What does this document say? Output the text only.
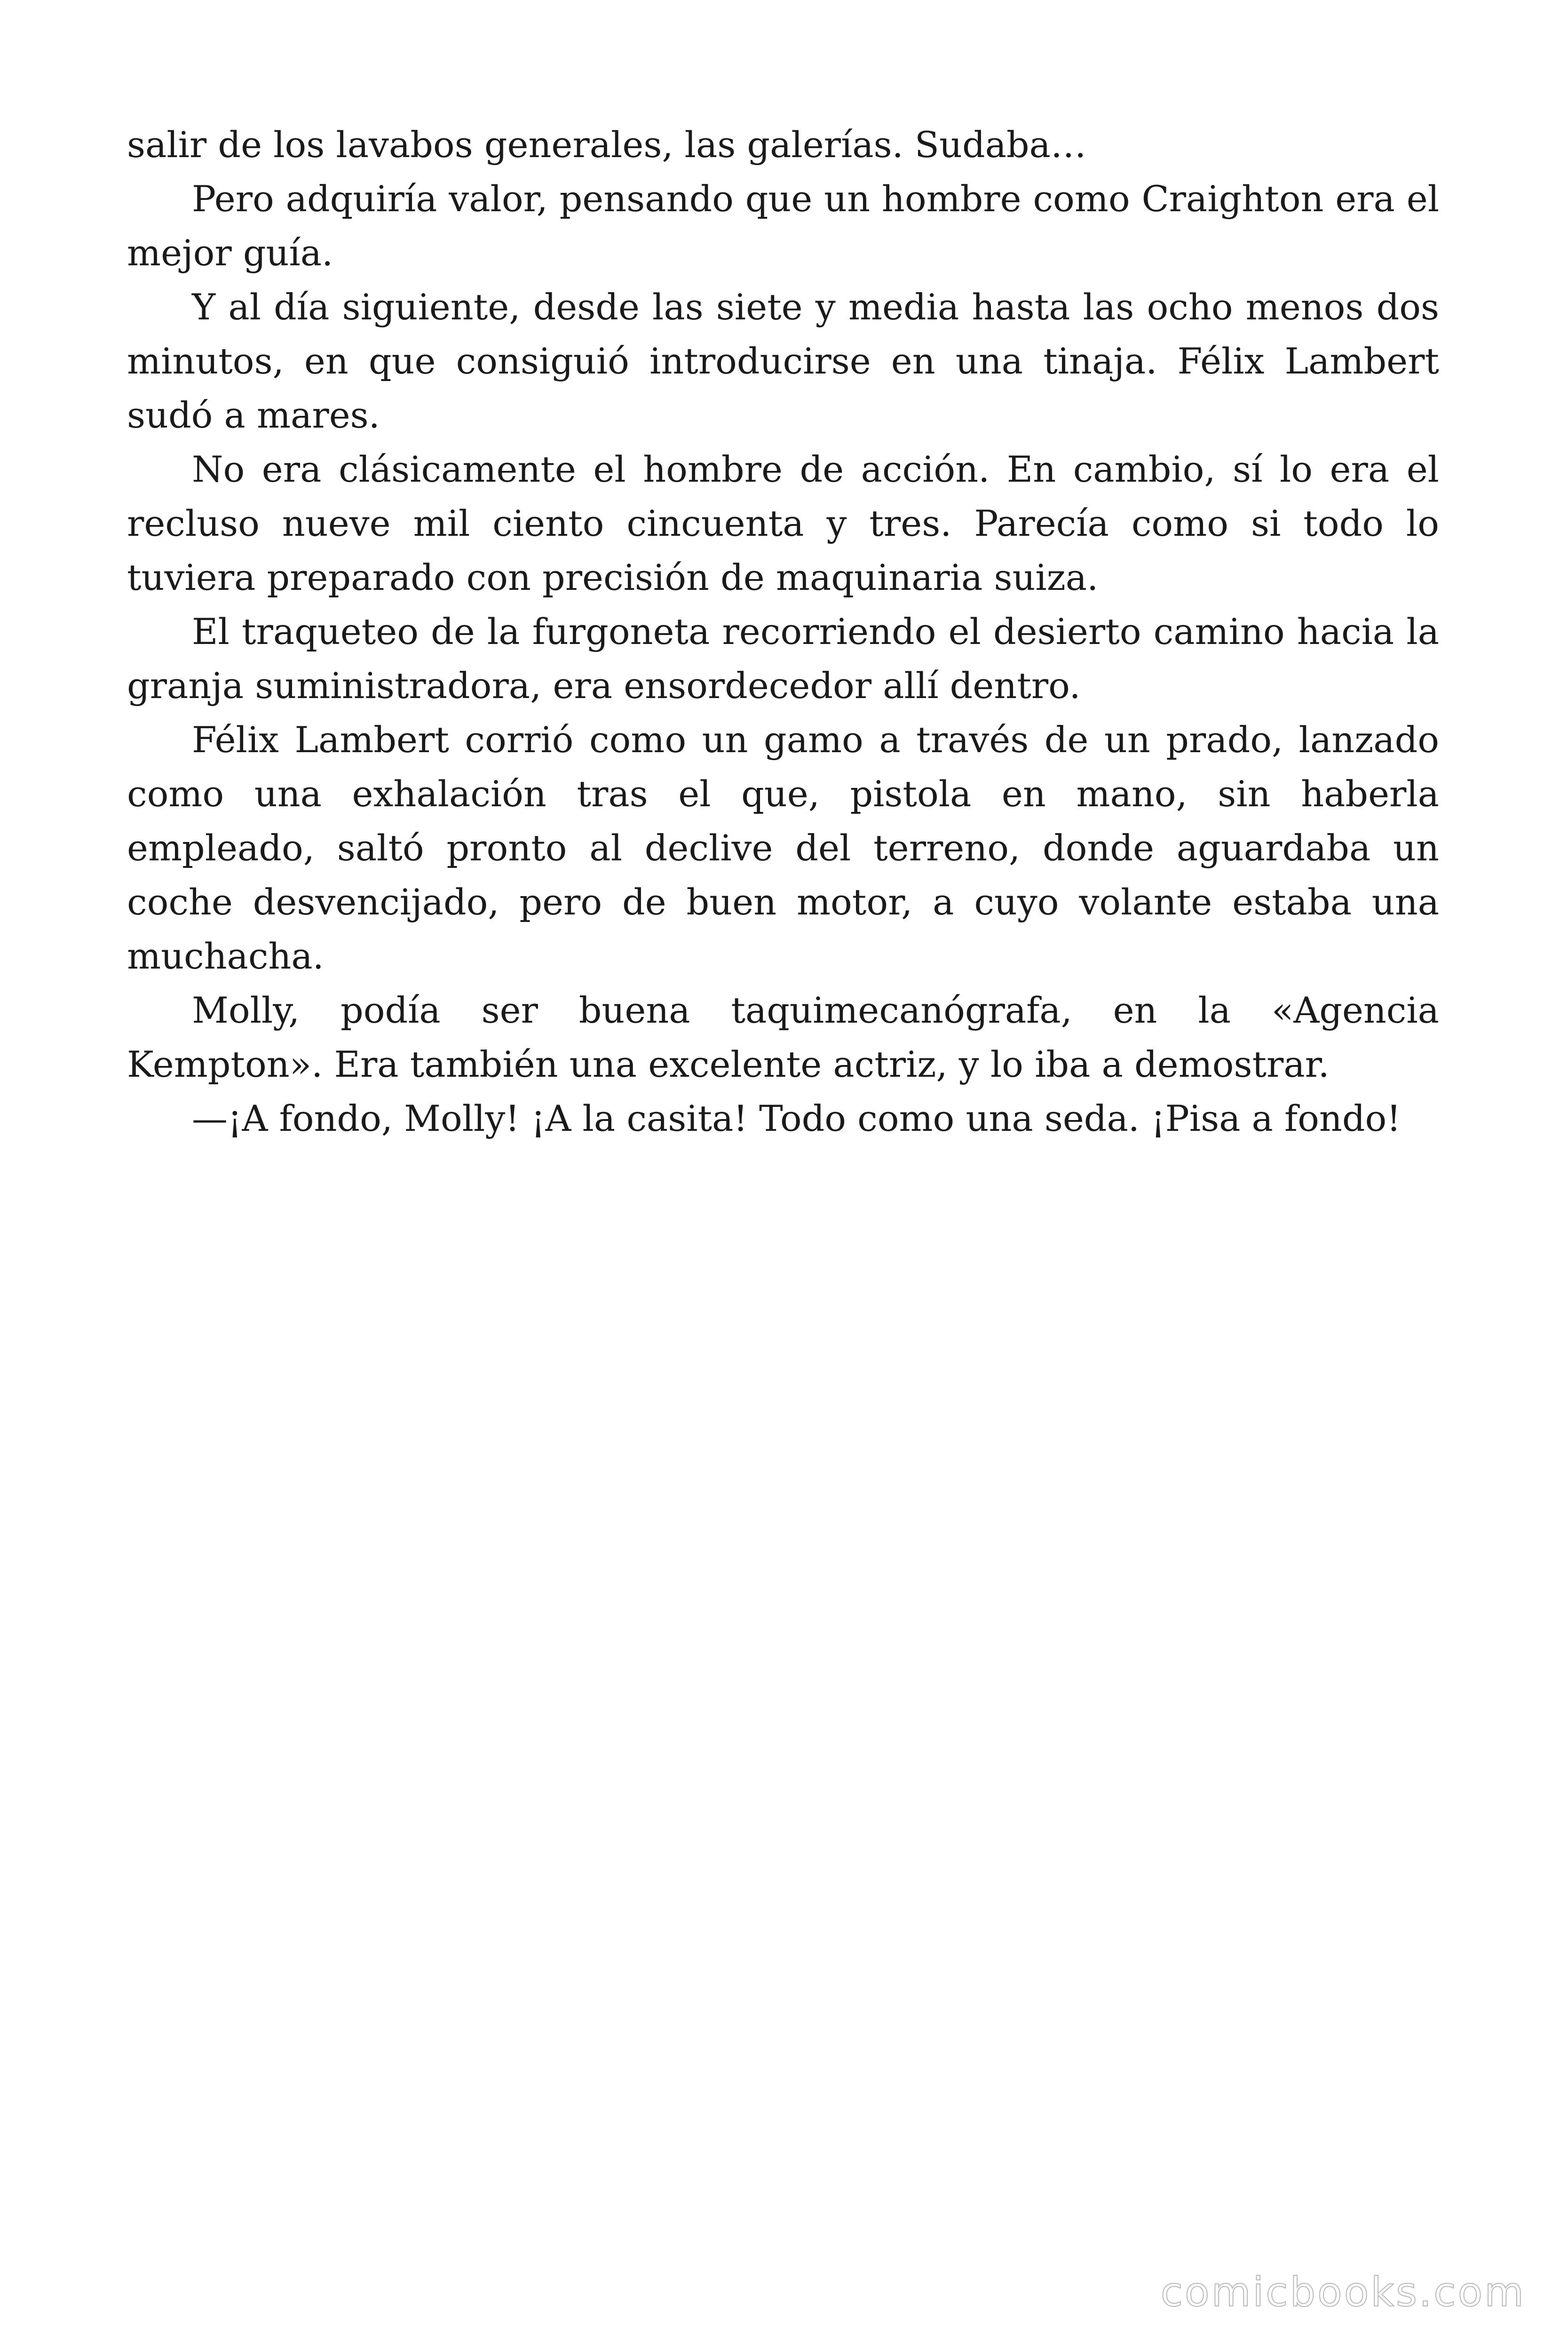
salir de los lavabos generales, las galerías. Sudaba…

Pero adquiría valor, pensando que un hombre como Craighton era el mejor guía.

Y al día siguiente, desde las siete y media hasta las ocho menos dos minutos, en que consiguió introducirse en una tinaja. Félix Lambert sudó a mares.

No era clásicamente el hombre de acción. En cambio, sí lo era el recluso nueve mil ciento cincuenta y tres. Parecía como si todo lo tuviera preparado con precisión de maquinaria suiza.

El traqueteo de la furgoneta recorriendo el desierto camino hacia la granja suministradora, era ensordecedor allí dentro.

Félix Lambert corrió como un gamo a través de un prado, lanzado como una exhalación tras el que, pistola en mano, sin haberla empleado, saltó pronto al declive del terreno, donde aguardaba un coche desvencijado, pero de buen motor, a cuyo volante estaba una muchacha.

Molly, podía ser buena taquimecanógrafa, en la «Agencia Kempton». Era también una excelente actriz, y lo iba a demostrar.

—¡A fondo, Molly! ¡A la casita! Todo como una seda. ¡Pisa a fondo!

comicbooks.com
